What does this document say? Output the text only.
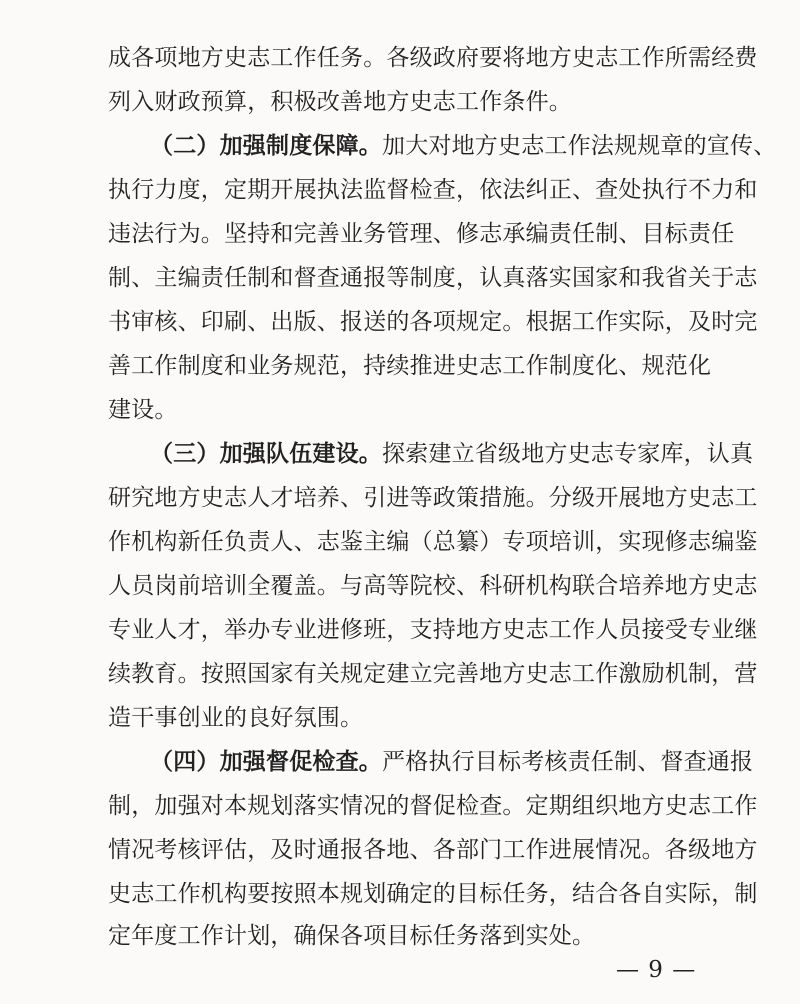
成各项地方史志工作任务。各级政府要将地方史志工作所需经费
列入财政预算，积极改善地方史志工作条件。
（二）加强制度保障。加大对地方史志工作法规规章的宣传、
执行力度，定期开展执法监督检查，依法纠正、查处执行不力和
违法行为。坚持和完善业务管理、修志承编责任制、目标责任
制、主编责任制和督查通报等制度，认真落实国家和我省关于志
书审核、印刷、出版、报送的各项规定。根据工作实际，及时完
善工作制度和业务规范，持续推进史志工作制度化、规范化
建设。
（三）加强队伍建设。探索建立省级地方史志专家库，认真
研究地方史志人才培养、引进等政策措施。分级开展地方史志工
作机构新任负责人、志鉴主编（总纂）专项培训，实现修志编鉴
人员岗前培训全覆盖。与高等院校、科研机构联合培养地方史志
专业人才，举办专业进修班，支持地方史志工作人员接受专业继
续教育。按照国家有关规定建立完善地方史志工作激励机制，营
造干事创业的良好氛围。
（四）加强督促检查。严格执行目标考核责任制、督查通报
制，加强对本规划落实情况的督促检查。定期组织地方史志工作
情况考核评估，及时通报各地、各部门工作进展情况。各级地方
史志工作机构要按照本规划确定的目标任务，结合各自实际，制
定年度工作计划，确保各项目标任务落到实处。
— 9 —
